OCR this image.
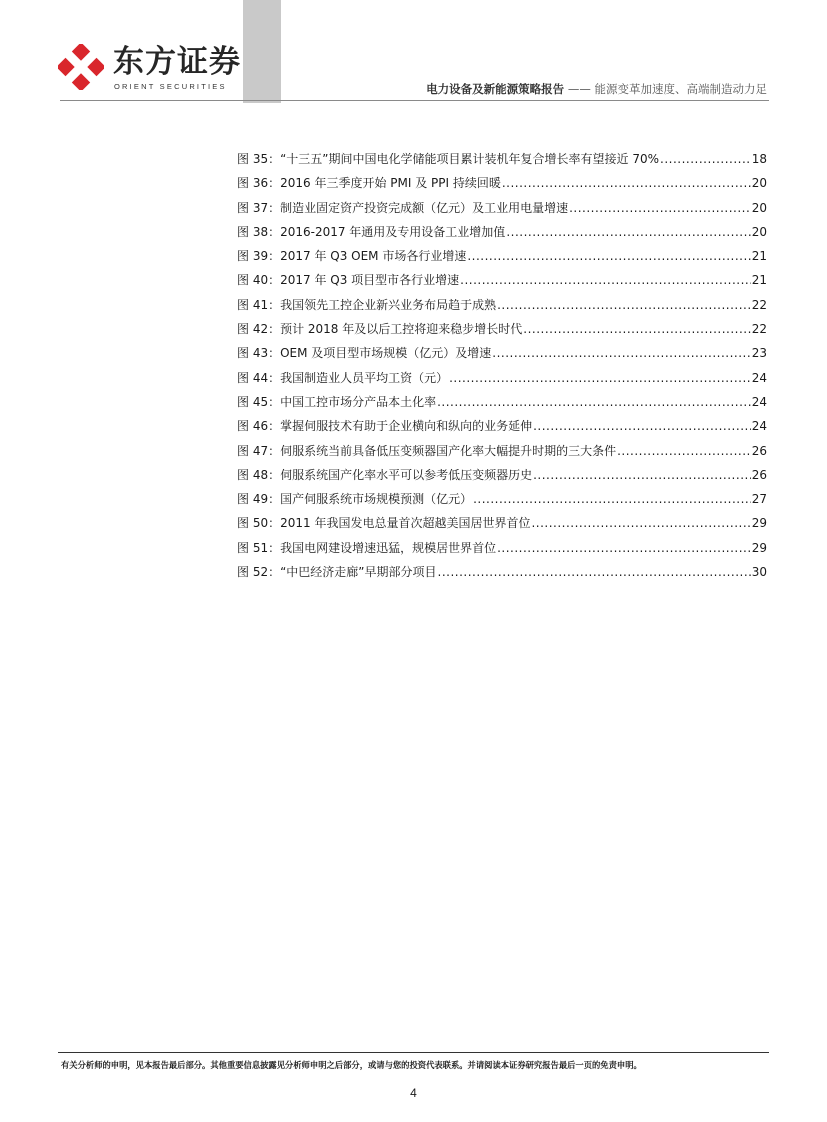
东方证券
ORIENT SECURITIES	电力设备及新能源策略报告 —— 能源变革加速度、高端制造动力足
图 35：“十三五”期间中国电化学储能项目累计装机年复合增长率有望接近 70% .....	18
图 36：2016 年三季度开始 PMI 及 PPI 持续回暖 .....	20
图 37：制造业固定资产投资完成额（亿元）及工业用电量增速 .....	20
图 38：2016-2017 年通用及专用设备工业增加值 .....	20
图 39：2017 年 Q3 OEM 市场各行业增速 .....	21
图 40：2017 年 Q3 项目型市各行业增速 .....	21
图 41：我国领先工控企业新兴业务布局趋于成熟 .....	22
图 42：预计 2018 年及以后工控将迎来稳步增长时代 .....	22
图 43：OEM 及项目型市场规模（亿元）及增速 .....	23
图 44：我国制造业人员平均工资（元） .....	24
图 45：中国工控市场分产品本土化率 .....	24
图 46：掌握伺服技术有助于企业横向和纵向的业务延伸 .....	24
图 47：伺服系统当前具备低压变频器国产化率大幅提升时期的三大条件 .....	26
图 48：伺服系统国产化率水平可以参考低压变频器历史 .....	26
图 49：国产伺服系统市场规模预测（亿元） .....	27
图 50：2011 年我国发电总量首次超越美国居世界首位 .....	29
图 51：我国电网建设增速迅猛，规模居世界首位 .....	29
图 52：“中巴经济走廊”早期部分项目 .....	30
有关分析师的申明，见本报告最后部分。其他重要信息披露见分析师申明之后部分，或请与您的投资代表联系。并请阅读本证券研究报告最后一页的免责申明。
4
